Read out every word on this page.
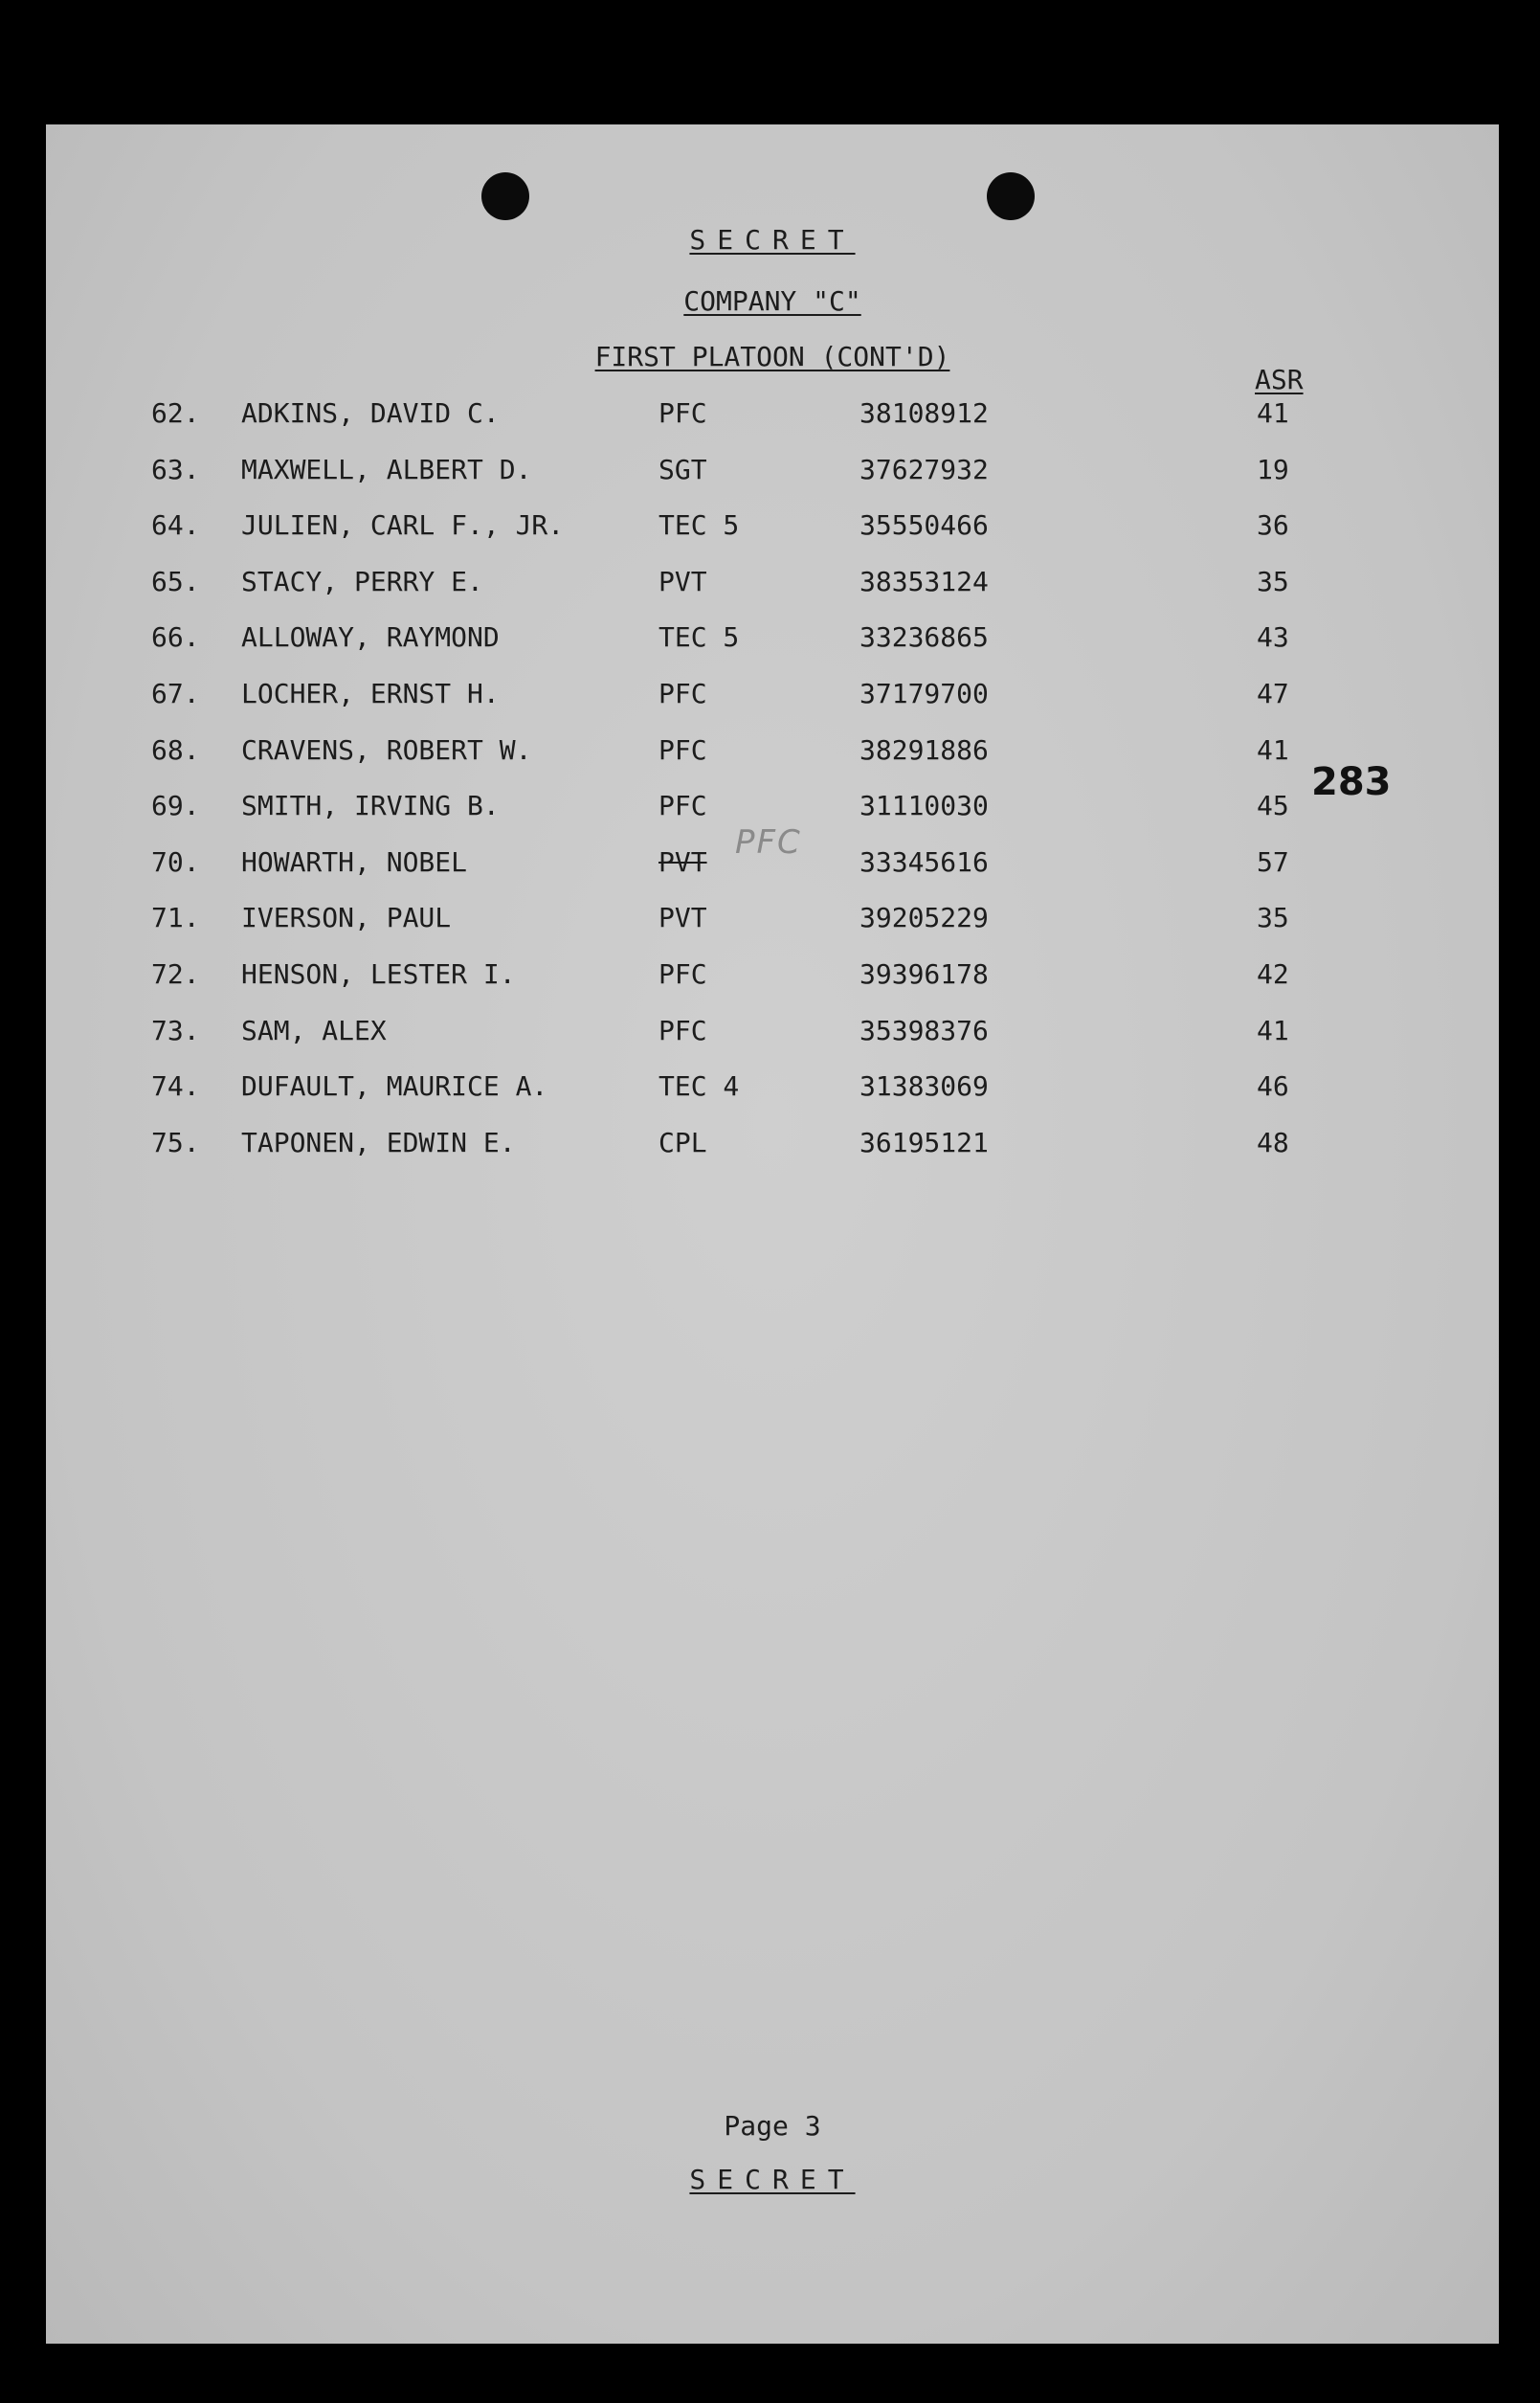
SECRET
COMPANY "C"
FIRST PLATOON (CONT'D)
ASR
62. ADKINS, DAVID C.	PFC	38108912	41
63. MAXWELL, ALBERT D.	SGT	37627932	19
64. JULIEN, CARL F., JR.	TEC 5	35550466	36
65. STACY, PERRY E.	PVT	38353124	35
66. ALLOWAY, RAYMOND	TEC 5	33236865	43
67. LOCHER, ERNST H.	PFC	37179700	47
68. CRAVENS, ROBERT W.	PFC	38291886	41
69. SMITH, IRVING B.	PFC	31110030	45
70. HOWARTH, NOBEL	PVT	33345616	57
71. IVERSON, PAUL	PVT	39205229	35
72. HENSON, LESTER I.	PFC	39396178	42
73. SAM, ALEX	PFC	35398376	41
74. DUFAULT, MAURICE A.	TEC 4	31383069	46
75. TAPONEN, EDWIN E.	CPL	36195121	48
PFC
283
Page 3
SECRET
